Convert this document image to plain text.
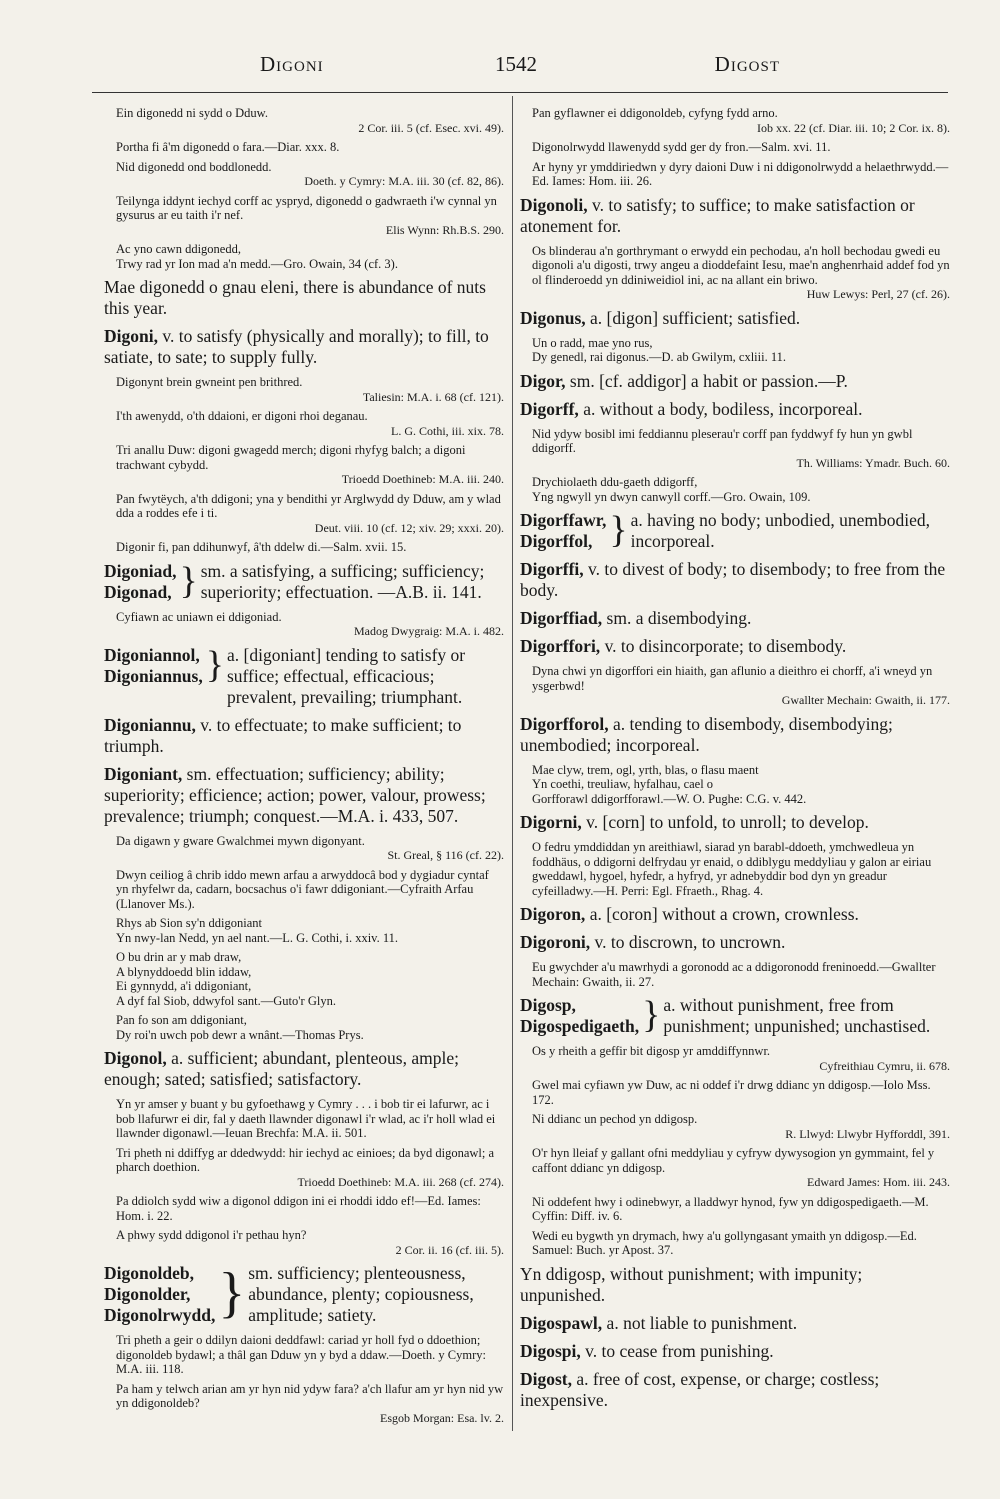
Digoni	1542	Digost
Ein digonedd ni sydd o Dduw.
2 Cor. iii. 5 (cf. Esec. xvi. 49).
Portha fi â'm digonedd o fara.—Diar. xxx. 8.
Nid digonedd ond boddlonedd.
Doeth. y Cymry: M.A. iii. 30 (cf. 82, 86).
Teilynga iddynt iechyd corff ac yspryd, digonedd o gadwraeth i'w cynnal yn gysurus ar eu taith i'r nef.
Elis Wynn: Rh.B.S. 290.
Ac yno cawn ddigonedd,
Trwy rad yr Ion mad a'n medd.—Gro. Owain, 34 (cf. 3).
Mae digonedd o gnau eleni, there is abundance of nuts this year.
Digoni, v. to satisfy (physically and morally); to fill, to satiate, to sate; to supply fully.
Digonynt brein gwneint pen brithred.
Taliesin: M.A. i. 68 (cf. 121).
I'th awenydd, o'th ddaioni, er digoni rhoi deganau.
L. G. Cothi, iii. xix. 78.
Tri anallu Duw: digoni gwagedd merch; digoni rhyfyg balch; a digoni trachwant cybydd.
Trioedd Doethineb: M.A. iii. 240.
Pan fwytëych, a'th ddigoni; yna y bendithi yr Arglwydd dy Dduw, am y wlad dda a roddes efe i ti.
Deut. viii. 10 (cf. 12; xiv. 29; xxxi. 20).
Digonir fi, pan ddihunwyf, â'th ddelw di.—Salm. xvii. 15.
Digoniad,
Digonad, } sm. a satisfying, a sufficing; sufficiency; superiority; effectuation. —A.B. ii. 141.
Cyfiawn ac uniawn ei ddigoniad.
Madog Dwygraig: M.A. i. 482.
Digoniannol,
Digoniannus, } a. [digoniant] tending to satisfy or suffice; effectual, efficacious; prevalent, prevailing; triumphant.
Digoniannu, v. to effectuate; to make sufficient; to triumph.
Digoniant, sm. effectuation; sufficiency; ability; superiority; efficience; action; power, valour, prowess; prevalence; triumph; conquest.—M.A. i. 433, 507.
Da digawn y gware Gwalchmei mywn digonyant.
St. Greal, § 116 (cf. 22).
Dwyn ceiliog â chrib iddo mewn arfau a arwyddocâ bod y dygiadur cyntaf yn rhyfelwr da, cadarn, bocsachus o'i fawr ddigoniant.—Cyfraith Arfau (Llanover Ms.).
Rhys ab Sion sy'n ddigoniant
Yn nwy-lan Nedd, yn ael nant.—L. G. Cothi, i. xxiv. 11.
O bu drin ar y mab draw,
A blynyddoedd blin iddaw,
Ei gynnydd, a'i ddigoniant,
A dyf fal Siob, ddwyfol sant.—Guto'r Glyn.
Pan fo son am ddigoniant,
Dy roi'n uwch pob dewr a wnânt.—Thomas Prys.
Digonol, a. sufficient; abundant, plenteous, ample; enough; sated; satisfied; satisfactory.
Yn yr amser y buant y bu gyfoethawg y Cymry . . . i bob tir ei lafurwr, ac i bob llafurwr ei dir, fal y daeth llawnder digonawl i'r wlad, ac i'r holl wlad ei llawnder digonawl.—Ieuan Brechfa: M.A. ii. 501.
Tri pheth ni ddiffyg ar ddedwydd: hir iechyd ac einioes; da byd digonawl; a pharch doethion.
Trioedd Doethineb: M.A. iii. 268 (cf. 274).
Pa ddiolch sydd wiw a digonol ddigon ini ei rhoddi iddo ef!—Ed. Iames: Hom. i. 22.
A phwy sydd ddigonol i'r pethau hyn?
2 Cor. ii. 16 (cf. iii. 5).
Digonoldeb,
Digonolder,
Digonolrwydd, } sm. sufficiency; plenteousness, abundance, plenty; copiousness, amplitude; satiety.
Tri pheth a geir o ddilyn daioni deddfawl: cariad yr holl fyd o ddoethion; digonoldeb bydawl; a thâl gan Dduw yn y byd a ddaw.—Doeth. y Cymry: M.A. iii. 118.
Pa ham y telwch arian am yr hyn nid ydyw fara? a'ch llafur am yr hyn nid yw yn ddigonoldeb?
Esgob Morgan: Esa. lv. 2.
Pan gyflawner ei ddigonoldeb, cyfyng fydd arno.
Iob xx. 22 (cf. Diar. iii. 10; 2 Cor. ix. 8).
Digonolrwydd llawenydd sydd ger dy fron.—Salm. xvi. 11.
Ar hyny yr ymddiriedwn y dyry daioni Duw i ni ddigonolrwydd a helaethrwydd.—Ed. Iames: Hom. iii. 26.
Digonoli, v. to satisfy; to suffice; to make satisfaction or atonement for.
Os blinderau a'n gorthrymant o erwydd ein pechodau, a'n holl bechodau gwedi eu digonoli a'u digosti, trwy angeu a dioddefaint Iesu, mae'n anghenrhaid addef fod yn ol flinderoedd yn ddiniweidiol ini, ac na allant ein briwo.
Huw Lewys: Perl, 27 (cf. 26).
Digonus, a. [digon] sufficient; satisfied.
Un o radd, mae yno rus,
Dy genedl, rai digonus.—D. ab Gwilym, cxliii. 11.
Digor, sm. [cf. addigor] a habit or passion.—P.
Digorff, a. without a body, bodiless, incorporeal.
Nid ydyw bosibl imi feddiannu pleserau'r corff pan fyddwyf fy hun yn gwbl ddigorff.
Th. Williams: Ymadr. Buch. 60.
Drychiolaeth ddu-gaeth ddigorff,
Yng ngwyll yn dwyn canwyll corff.—Gro. Owain, 109.
Digorffawr,
Digorffol, } a. having no body; unbodied, unembodied, incorporeal.
Digorffi, v. to divest of body; to disembody; to free from the body.
Digorffiad, sm. a disembodying.
Digorffori, v. to disincorporate; to disembody.
Dyna chwi yn digorffori ein hiaith, gan afluniо a dieithro ei chorff, a'i wneyd yn ysgerbwd!
Gwallter Mechain: Gwaith, ii. 177.
Digorfforol, a. tending to disembody, disembodying; unembodied; incorporeal.
Mae clyw, trem, ogl, yrth, blas, o flasu maent
Yn coethi, treuliaw, hyfalhau, cael o
Gorfforawl ddigorfforawl.—W. O. Pughe: C.G. v. 442.
Digorni, v. [corn] to unfold, to unroll; to develop.
O fedru ymddiddan yn areithiawl, siarad yn barabl-ddoeth, ymchwedleua yn foddhäus, o ddigorni delfrydau yr enaid, o ddiblygu meddyliau y galon ar eiriau gweddawl, hygoel, hyfedr, a hyfryd, yr adnebyddir bod dyn yn greadur cyfeilladwy.—H. Perri: Egl. Ffraeth., Rhag. 4.
Digoron, a. [coron] without a crown, crownless.
Digoroni, v. to discrown, to uncrown.
Eu gwychder a'u mawrhydi a goronodd ac a ddigoronodd freninoedd.—Gwallter Mechain: Gwaith, ii. 27.
Digosp,
Digospedigaeth, } a. without punishment, free from punishment; unpunished; unchastised.
Os y rheith a geffir bit digosp yr amddiffynnwr.
Cyfreithiau Cymru, ii. 678.
Gwel mai cyfiawn yw Duw, ac ni oddef i'r drwg ddianc yn ddigosp.—Iolo Mss. 172.
Ni ddianc un pechod yn ddigosp.
R. Llwyd: Llwybr Hyfforddl, 391.
O'r hyn lleiaf y gallant ofni meddyliau y cyfryw dywysogion yn gymmaint, fel y caffont ddianc yn ddigosp.
Edward James: Hom. iii. 243.
Ni oddefent hwy i odinebwyr, a lladdwyr hynod, fyw yn ddigospedigaeth.—M. Cyffin: Diff. iv. 6.
Wedi eu bygwth yn drymach, hwy a'u gollyngasant ymaith yn ddigosp.—Ed. Samuel: Buch. yr Apost. 37.
Yn ddigosp, without punishment; with impunity; unpunished.
Digospawl, a. not liable to punishment.
Digospi, v. to cease from punishing.
Digost, a. free of cost, expense, or charge; costless; inexpensive.
